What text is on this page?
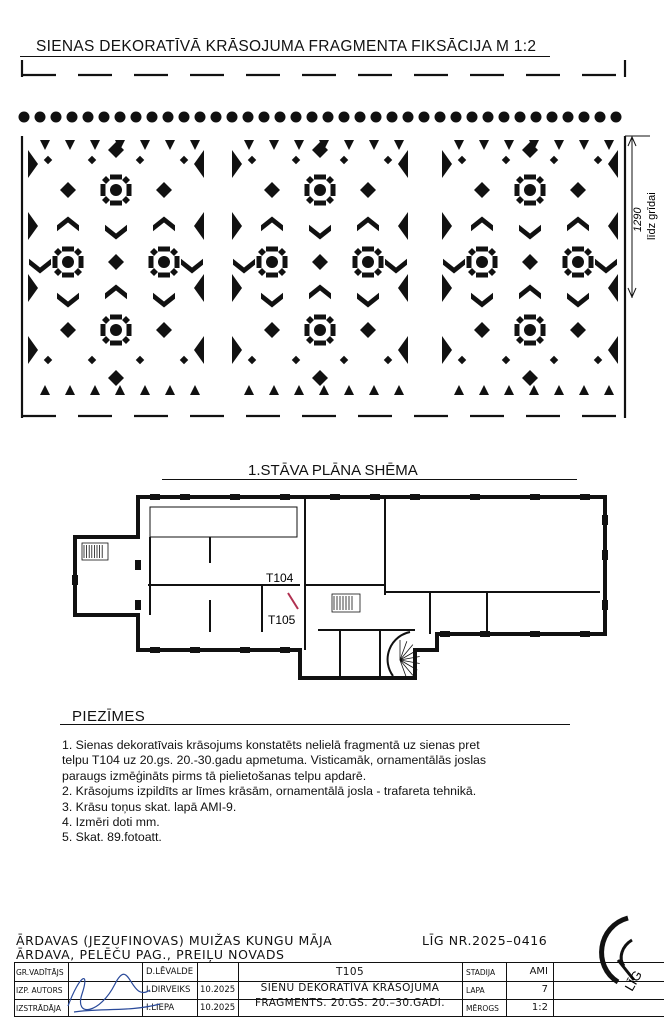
SIENAS DEKORATĪVĀ KRĀSOJUMA FRAGMENTA FIKSĀCIJA M 1:2
1290 līdz grīdai
T104
T105
1.STĀVA PLĀNA SHĒMA
PIEZĪMES
1. Sienas dekoratīvais krāsojums konstatēts nelielā fragmentā uz sienas pret
telpu T104 uz 20.gs. 20.-30.gadu apmetuma. Visticamāk, ornamentālās joslas
paraugs izmēģināts pirms tā pielietošanas telpu apdarē.
2. Krāsojums izpildīts ar līmes krāsām, ornamentālā josla - trafareta tehnikā.
3. Krāsu toņus skat. lapā AMI-9.
4. Izmēri doti mm.
5. Skat. 89.fotoatt.
ĀRDAVAS (JEZUFINOVAS) MUIŽAS KUNGU MĀJA
ĀRDAVA, PELĒČU PAG., PREIĻU NOVADS
LĪG NR.2025–0416
GR.VADĪTĀJS
IZP. AUTORS
IZSTRĀDĀJA
D.LĒVALDE
I.DIRVEIKS
I.LIEPA
10.2025
10.2025
T105
SIENU DEKORATĪVĀ KRĀSOJUMA
FRAGMENTS. 20.GS. 20.–30.GADI.
STADIJA
LAPA
MĒROGS
AMI
7
1:2
LĪG
